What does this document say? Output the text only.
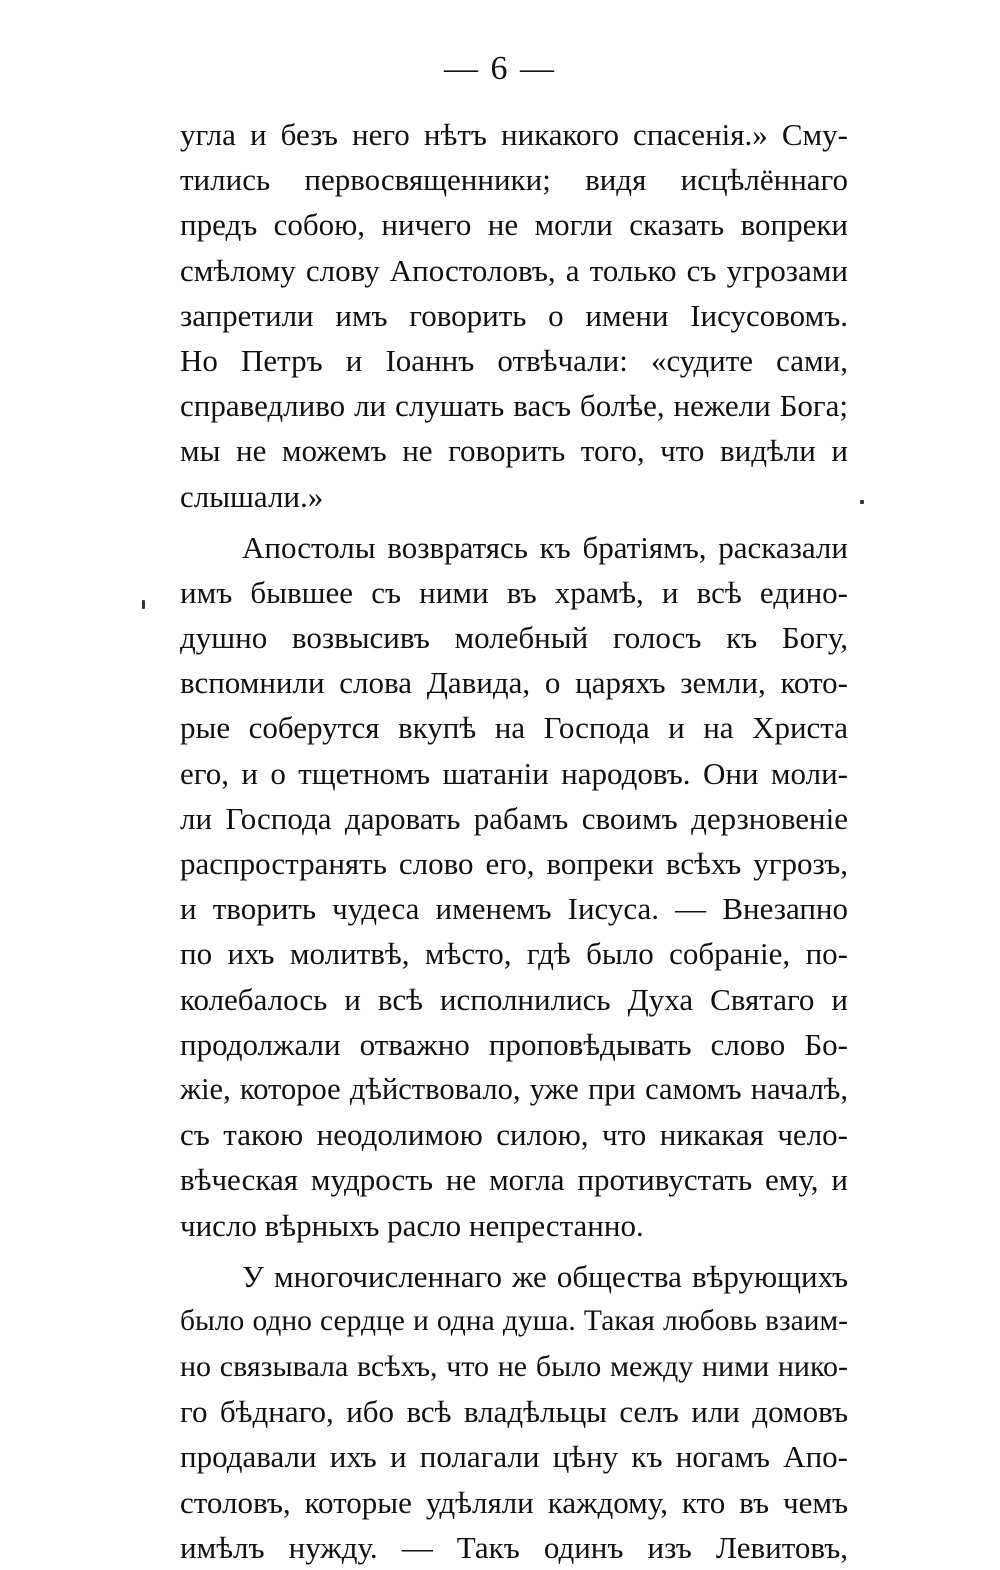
— 6 —
угла и безъ него нѣтъ никакого спасенія.» Сму-
тились первосвященники; видя исцѣлённаго
предъ собою, ничего не могли сказать вопреки
смѣлому слову Апостоловъ, а только съ угрозами
запретили имъ говорить о имени Іисусовомъ.
Но Петръ и Іоаннъ отвѣчали: «судите сами,
справедливо ли слушать васъ болѣе, нежели Бога;
мы не можемъ не говорить того, что видѣли и
слышали.»
Апостолы возвратясь къ братіямъ, расказали
имъ бывшее съ ними въ храмѣ, и всѣ едино-
душно возвысивъ молебный голосъ къ Богу,
вспомнили слова Давида, о царяхъ земли, кото-
рые соберутся вкупѣ на Господа и на Христа
его, и о тщетномъ шатаніи народовъ. Они моли-
ли Господа даровать рабамъ своимъ дерзновеніе
распространять слово его, вопреки всѣхъ угрозъ,
и творить чудеса именемъ Іисуса. — Внезапно
по ихъ молитвѣ, мѣсто, гдѣ было собраніе, по-
колебалось и всѣ исполнились Духа Святаго и
продолжали отважно проповѣдывать слово Бо-
жіе, которое дѣйствовало, уже при самомъ началѣ,
съ такою неодолимою силою, что никакая чело-
вѣческая мудрость не могла противустать ему, и
число вѣрныхъ расло непрестанно.
У многочисленнаго же общества вѣрующихъ
было одно сердце и одна душа. Такая любовь взаим-
но связывала всѣхъ, что не было между ними нико-
го бѣднаго, ибо всѣ владѣльцы селъ или домовъ
продавали ихъ и полагали цѣну къ ногамъ Апо-
столовъ, которые удѣляли каждому, кто въ чемъ
имѣлъ нужду. — Такъ одинъ изъ Левитовъ,
